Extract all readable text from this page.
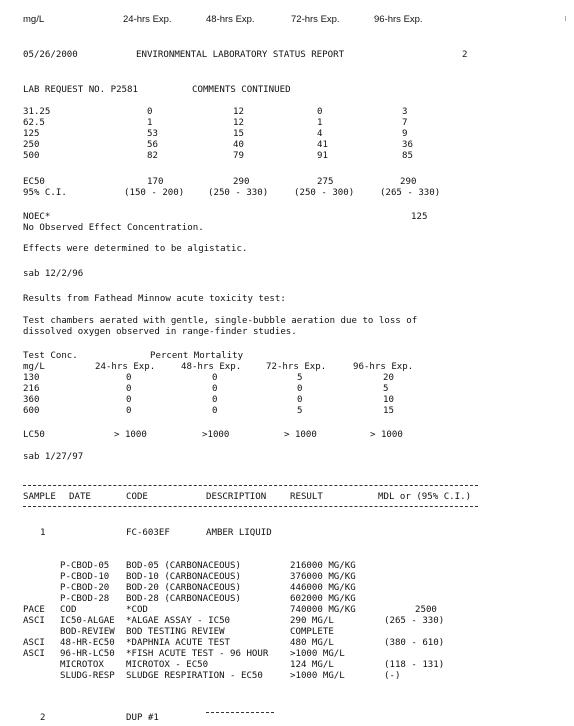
mg/L	24-hrs Exp.	48-hrs Exp.	72-hrs Exp.	96-hrs Exp.
05/26/2000	ENVIRONMENTAL LABORATORY STATUS REPORT	2
LAB REQUEST NO. P2581	COMMENTS CONTINUED
31.25	0	12	0	3
62.5	1	12	1	7
125	53	15	4	9
250	56	40	41	36
500	82	79	91	85
EC50	170	290	275	290
95% C.I.	(150 - 200)	(250 - 330)	(250 - 300)	(265 - 330)
NOEC*	125
No Observed Effect Concentration.
Effects were determined to be algistatic.
sab 12/2/96
Results from Fathead Minnow acute toxicity test:
Test chambers aerated with gentle, single-bubble aeration due to loss of
dissolved oxygen observed in range-finder studies.
Test Conc.	Percent Mortality
mg/L	24-hrs Exp.	48-hrs Exp.	72-hrs Exp.	96-hrs Exp.
130	0	0	5	20
216	0	0	0	5
360	0	0	0	10
600	0	0	5	15
LC50	> 1000	>1000	> 1000	> 1000
sab 1/27/97
SAMPLE DATE	CODE	DESCRIPTION	RESULT	MDL or (95% C.I.)
1	FC-603EF	AMBER LIQUID
P-CBOD-05 BOD-05 (CARBONACEOUS)	216000 MG/KG
P-CBOD-10 BOD-10 (CARBONACEOUS)	376000 MG/KG
P-CBOD-20 BOD-20 (CARBONACEOUS)	446000 MG/KG
P-CBOD-28 BOD-28 (CARBONACEOUS)	602000 MG/KG
PACE COD	*COD	740000 MG/KG	2500
ASCI IC50-ALGAE *ALGAE ASSAY - IC50	290 MG/L	(265 - 330)
BOD-REVIEW BOD TESTING REVIEW	COMPLETE
ASCI 48-HR-EC50 *DAPHNIA ACUTE TEST	480 MG/L	(380 - 610)
ASCI 96-HR-LC50 *FISH ACUTE TEST - 96 HOUR >1000 MG/L
MICROTOX MICROTOX - EC50	124 MG/L	(118 - 131)
SLUDG-RESP SLUDGE RESPIRATION - EC50	>1000 MG/L	(-)
2	DUP #1
